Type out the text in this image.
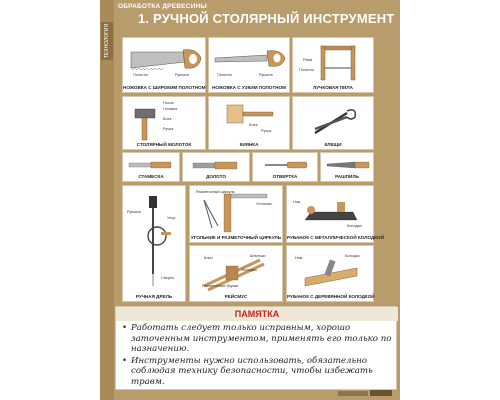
ТЕХНОЛОГИЯ
ОБРАБОТКА ДРЕВЕСИНЫ
1. РУЧНОЙ СТОЛЯРНЫЙ ИНСТРУМЕНТ
Полотно	Рукоять
НОЖОВКА С ШИРОКИМ ПОЛОТНОМ
Полотно	Рукоять
НОЖОВКА С УЗКИМ ПОЛОТНОМ
Рама
Полотно
ЛУЧКОВАЯ ПИЛА
Носок
Головка
Боек
Ручка
СТОЛЯРНЫЙ МОЛОТОК
Боек
Ручка
КИЯНКА	КЛЕЩИ
СТАМЕСКА	ДОЛОТО	ОТВЕРТКА	РАШПИЛЬ
Рукоять
Упор
Сверло
РУЧНАЯ ДРЕЛЬ
Разметочный циркуль
Угольник
УГОЛЬНИК И РАЗМЕТОЧНЫЙ ЦИРКУЛЬ
Нож
Колодка
РУБАНОК С МЕТАЛЛИЧЕСКОЙ КОЛОДКОЙ
Клин
Колодка
Шпильки
Разметочные бруски
РЕЙСМУС
Нож	Колодка
РУБАНОК С ДЕРЕВЯННОЙ КОЛОДКОЙ
ПАМЯТКА
• Работать следует только исправным, хорошо заточенным инструментом, применять его только по назначению.
• Инструменты нужно использовать, обязательно соблюдая технику безопасности, чтобы избежать травм.
